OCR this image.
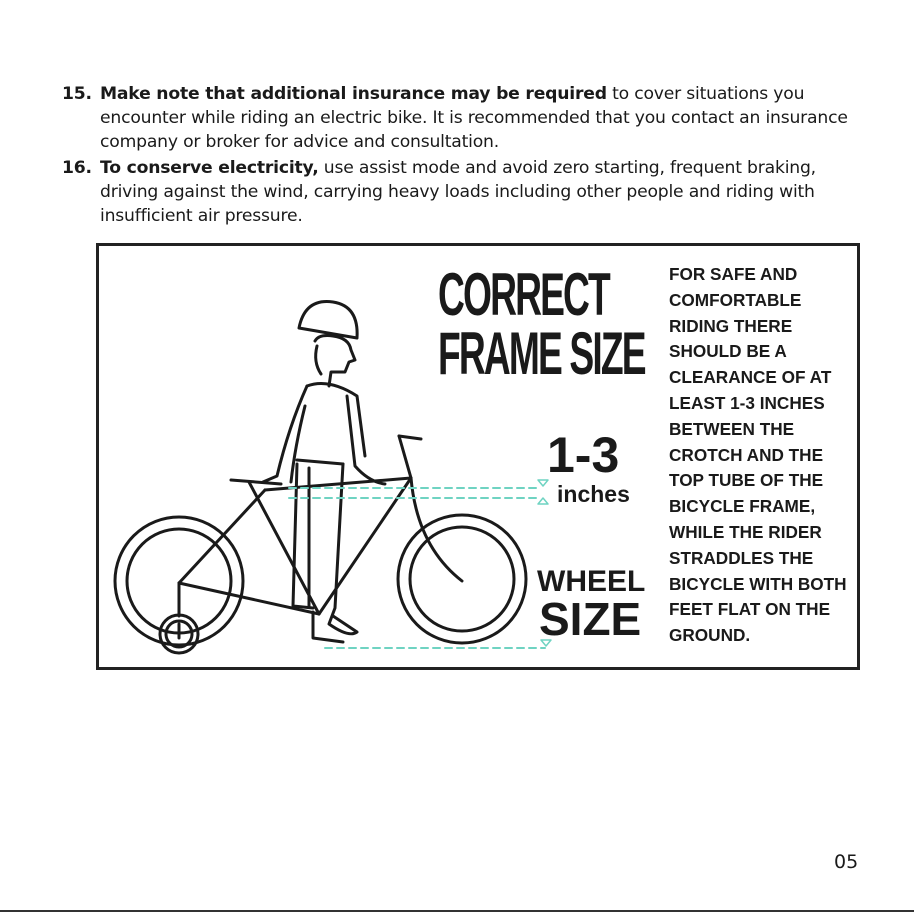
15. Make note that additional insurance may be required to cover situations you encounter while riding an electric bike. It is recommended that you contact an insurance company or broker for advice and consultation.
16. To conserve electricity, use assist mode and avoid zero starting, frequent braking, driving against the wind, carrying heavy loads including other people and riding with insufficient air pressure.
CORRECT
FRAME SIZE
1-3
inches
WHEEL
SIZE
FOR SAFE AND COMFORTABLE RIDING THERE SHOULD BE A CLEARANCE OF AT LEAST 1-3 INCHES BETWEEN THE CROTCH AND THE TOP TUBE OF THE BICYCLE FRAME, WHILE THE RIDER STRADDLES THE BICYCLE WITH BOTH FEET FLAT ON THE GROUND.
05
